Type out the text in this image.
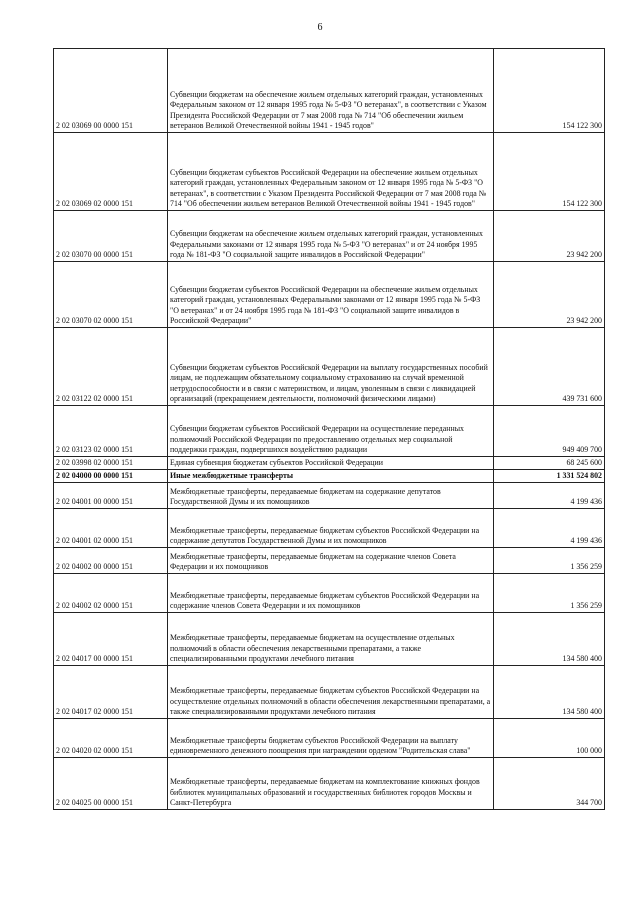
6
2 02 03069 00 0000 151	Субвенции бюджетам на обеспечение жильем отдельных категорий граждан, установленных Федеральным законом от 12 января 1995 года № 5-ФЗ "О ветеранах", в соответствии с Указом Президента Российской Федерации от 7 мая 2008 года № 714 "Об обеспечении жильем ветеранов Великой Отечественной войны 1941 - 1945 годов"	154 122 300
2 02 03069 02 0000 151	Субвенции бюджетам субъектов Российской Федерации на обеспечение жильем отдельных категорий граждан, установленных Федеральным законом от 12 января 1995 года № 5-ФЗ "О ветеранах", в соответствии с Указом Президента Российской Федерации от 7 мая 2008 года № 714 "Об обеспечении жильем ветеранов Великой Отечественной войны 1941 - 1945 годов"	154 122 300
2 02 03070 00 0000 151	Субвенции бюджетам на обеспечение жильем отдельных категорий граждан, установленных Федеральными законами от 12 января 1995 года № 5-ФЗ "О ветеранах" и от 24 ноября 1995 года № 181-ФЗ "О социальной защите инвалидов в Российской Федерации"	23 942 200
2 02 03070 02 0000 151	Субвенции бюджетам субъектов Российской Федерации на обеспечение жильем отдельных категорий граждан, установленных Федеральными законами от 12 января 1995 года № 5-ФЗ "О ветеранах" и от 24 ноября 1995 года № 181-ФЗ "О социальной защите инвалидов в Российской Федерации"	23 942 200
2 02 03122 02 0000 151	Субвенции бюджетам субъектов Российской Федерации на выплату государственных пособий лицам, не подлежащим обязательному социальному страхованию на случай временной нетрудоспособности и в связи с материнством, и лицам, уволенным в связи с ликвидацией организаций (прекращением деятельности, полномочий физическими лицами)	439 731 600
2 02 03123 02 0000 151	Субвенции бюджетам субъектов Российской Федерации на осуществление переданных полномочий Российской Федерации по предоставлению отдельных мер социальной поддержки граждан, подвергшихся воздействию радиации	949 409 700
2 02 03998 02 0000 151	Единая субвенция бюджетам субъектов Российской Федерации	68 245 600
2 02 04000 00 0000 151	Иные межбюджетные трансферты	1 331 524 802
2 02 04001 00 0000 151	Межбюджетные трансферты, передаваемые бюджетам на содержание депутатов Государственной Думы и их помощников	4 199 436
2 02 04001 02 0000 151	Межбюджетные трансферты, передаваемые бюджетам субъектов Российской Федерации на содержание депутатов Государственной Думы и их помощников	4 199 436
2 02 04002 00 0000 151	Межбюджетные трансферты, передаваемые бюджетам на содержание членов Совета Федерации и их помощников	1 356 259
2 02 04002 02 0000 151	Межбюджетные трансферты, передаваемые бюджетам субъектов Российской Федерации на содержание членов Совета Федерации и их помощников	1 356 259
2 02 04017 00 0000 151	Межбюджетные трансферты, передаваемые бюджетам на осуществление отдельных полномочий в области обеспечения лекарственными препаратами, а также специализированными продуктами лечебного питания	134 580 400
2 02 04017 02 0000 151	Межбюджетные трансферты, передаваемые бюджетам субъектов Российской Федерации на осуществление отдельных полномочий в области обеспечения лекарственными препаратами, а также специализированными продуктами лечебного питания	134 580 400
2 02 04020 02 0000 151	Межбюджетные трансферты бюджетам субъектов Российской Федерации на выплату единовременного денежного поощрения при награждении орденом "Родительская слава"	100 000
2 02 04025 00 0000 151	Межбюджетные трансферты, передаваемые бюджетам на комплектование книжных фондов библиотек муниципальных образований и государственных библиотек городов Москвы и Санкт-Петербурга	344 700
